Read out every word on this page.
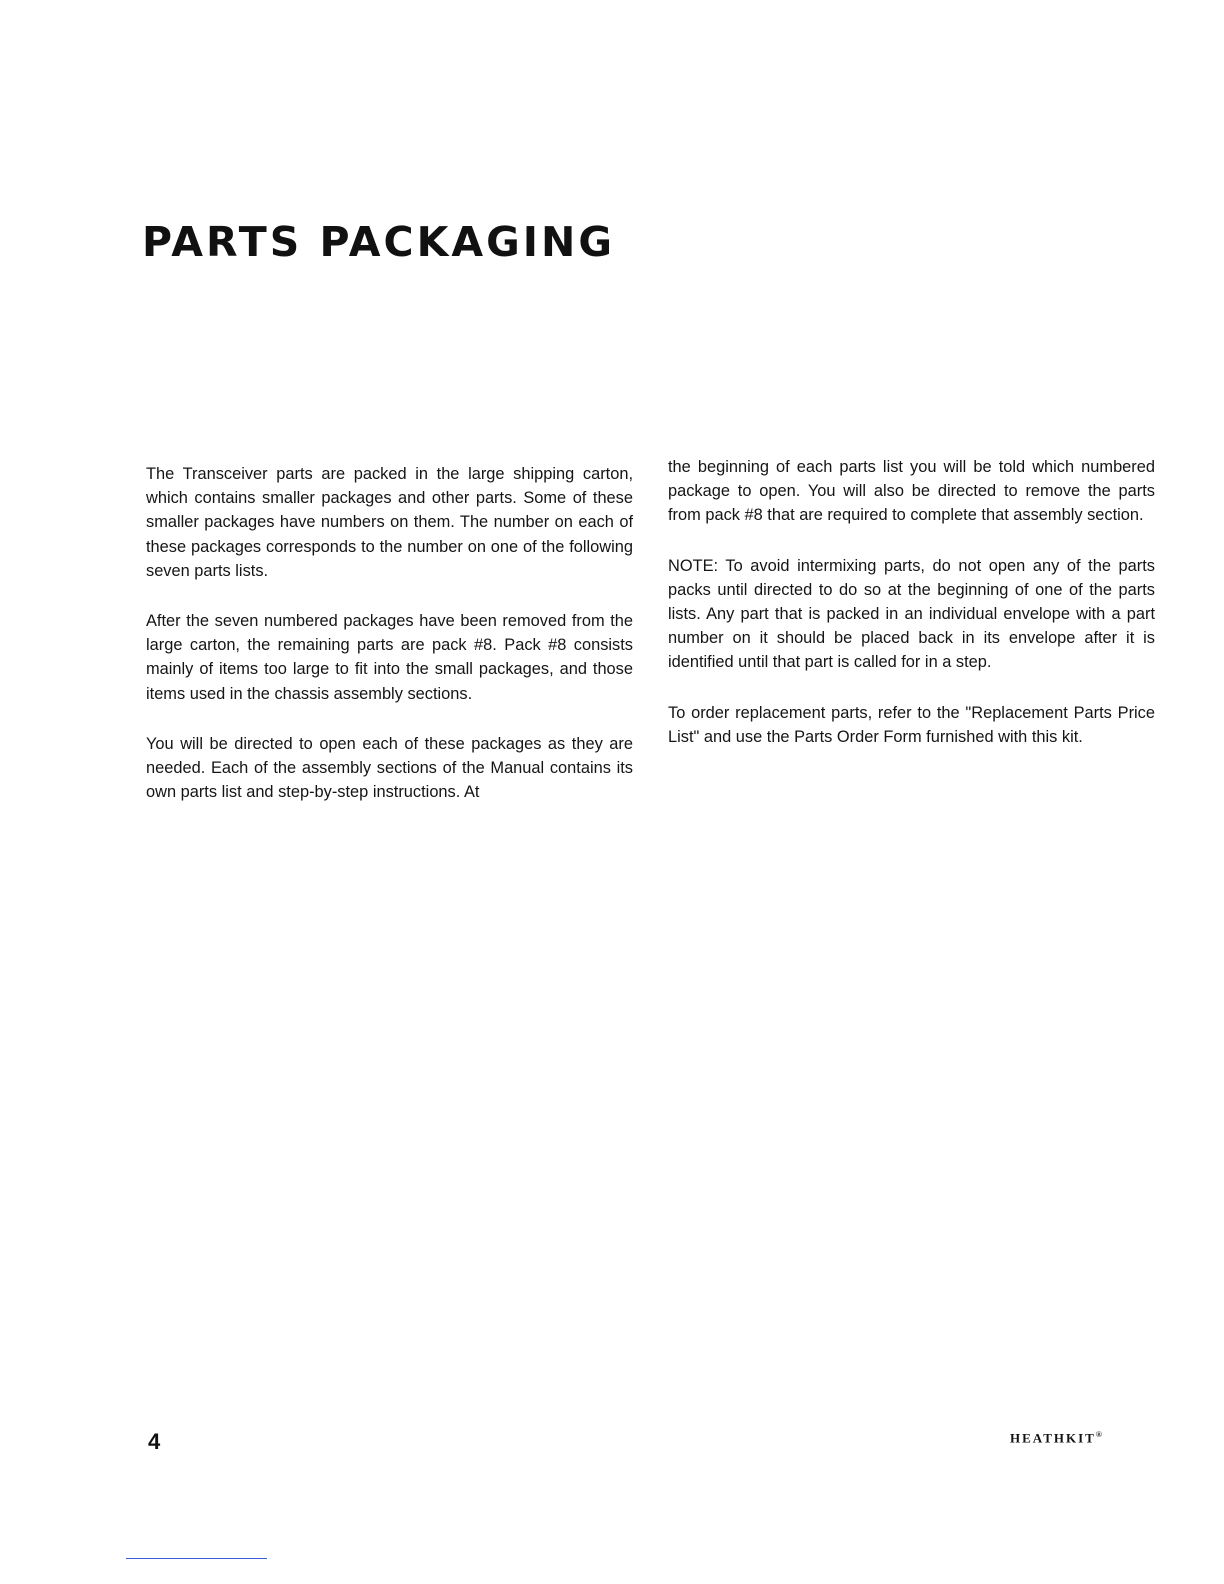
PARTS PACKAGING

The Transceiver parts are packed in the large shipping carton, which contains smaller packages and other parts. Some of these smaller packages have numbers on them. The number on each of these packages corresponds to the number on one of the following seven parts lists.

After the seven numbered packages have been removed from the large carton, the remaining parts are pack #8. Pack #8 consists mainly of items too large to fit into the small packages, and those items used in the chassis assembly sections.

You will be directed to open each of these packages as they are needed. Each of the assembly sections of the Manual contains its own parts list and step-by-step instructions. At

the beginning of each parts list you will be told which numbered package to open. You will also be directed to remove the parts from pack #8 that are required to complete that assembly section.

NOTE: To avoid intermixing parts, do not open any of the parts packs until directed to do so at the beginning of one of the parts lists. Any part that is packed in an individual envelope with a part number on it should be placed back in its envelope after it is identified until that part is called for in a step.

To order replacement parts, refer to the "Replacement Parts Price List" and use the Parts Order Form furnished with this kit.

4	HEATHKIT®
